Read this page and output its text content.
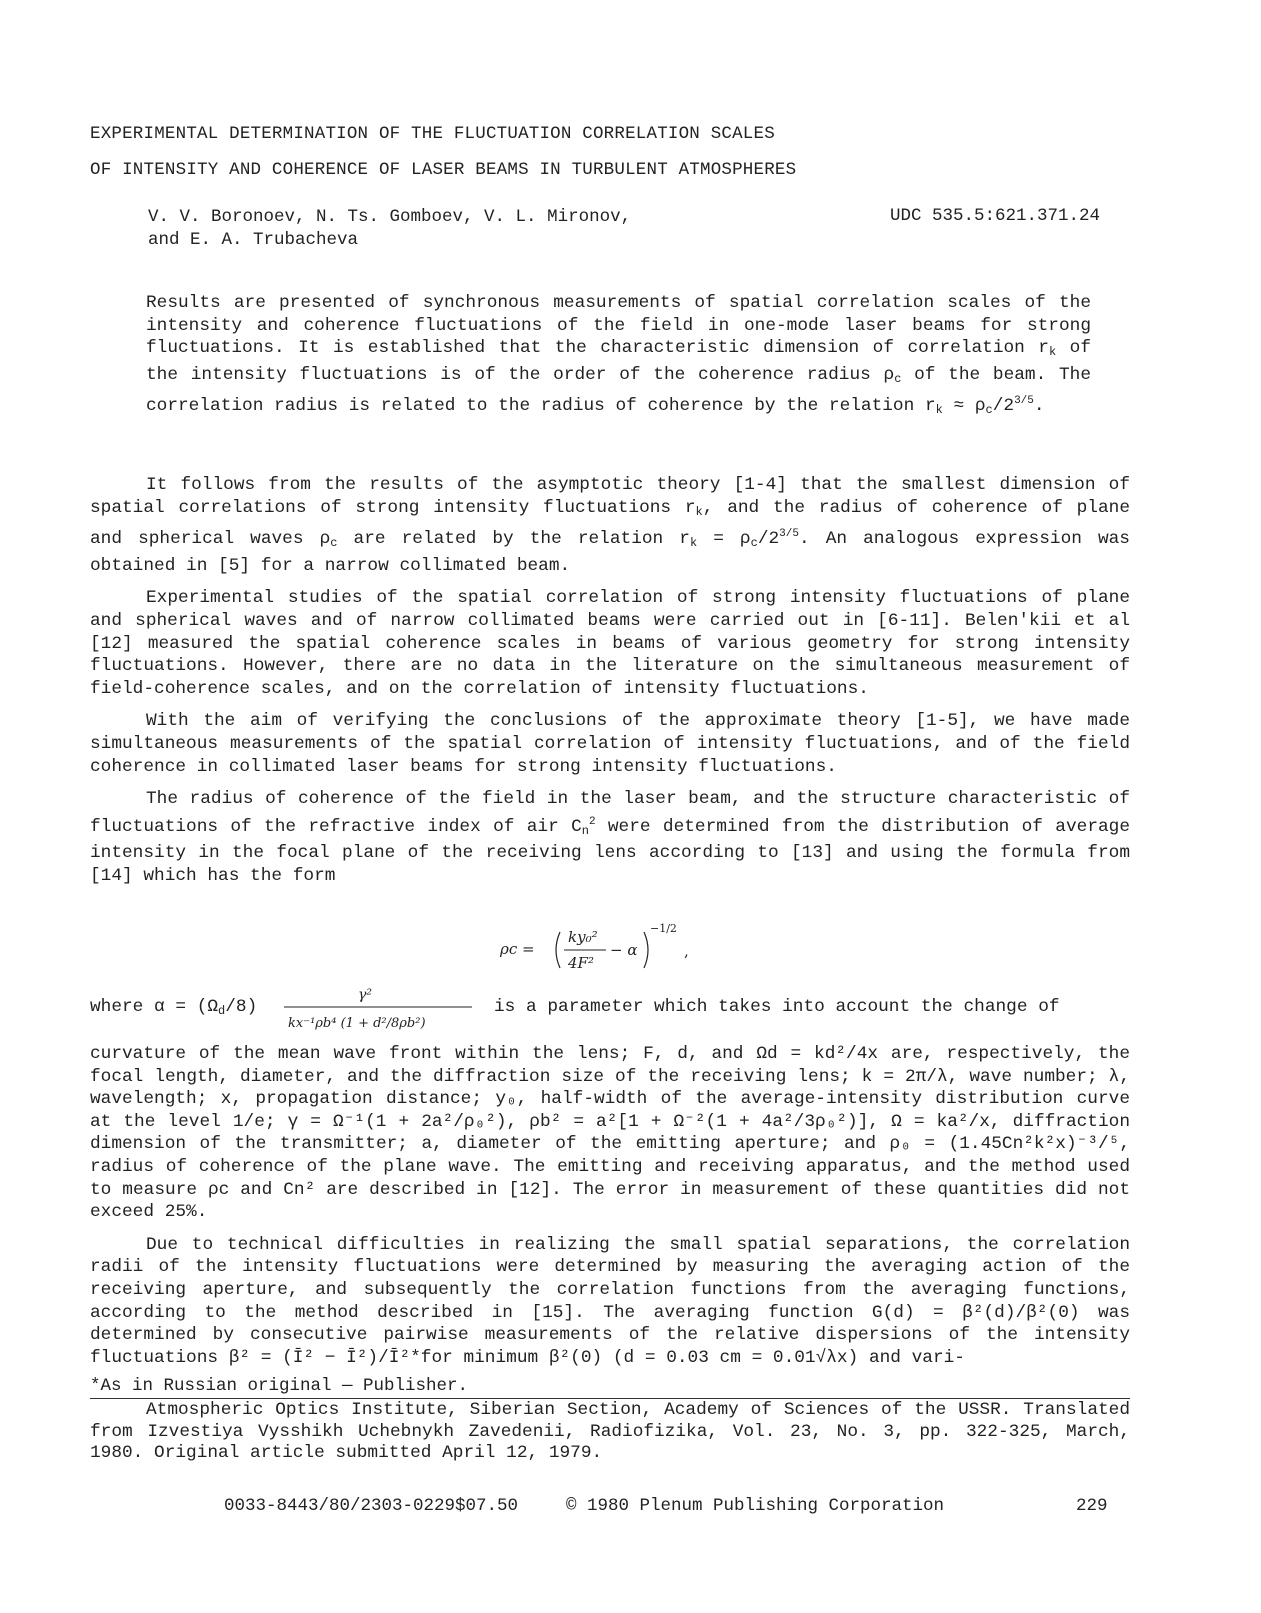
EXPERIMENTAL DETERMINATION OF THE FLUCTUATION CORRELATION SCALES
OF INTENSITY AND COHERENCE OF LASER BEAMS IN TURBULENT ATMOSPHERES
V. V. Boronoev, N. Ts. Gomboev, V. L. Mironov,
and E. A. Trubacheva
UDC 535.5:621.371.24
Results are presented of synchronous measurements of spatial correlation scales of the intensity and coherence fluctuations of the field in one-mode laser beams for strong fluctuations. It is established that the characteristic dimension of correlation $r_k$ of the intensity fluctuations is of the order of the coherence radius $\rho_c$ of the beam. The correlation radius is related to the radius of coherence by the relation $r_k \approx \rho_c/2^{3/5}$.

It follows from the results of the asymptotic theory [1-4] that the smallest dimension of spatial correlations of strong intensity fluctuations $r_k$, and the radius of coherence of plane and spherical waves $\rho_c$ are related by the relation $r_k = \rho_c/2^{3/5}$. An analogous expression was obtained in [5] for a narrow collimated beam.

Experimental studies of the spatial correlation of strong intensity fluctuations of plane and spherical waves and of narrow collimated beams were carried out in [6-11]. Belen'kii et al [12] measured the spatial coherence scales in beams of various geometry for strong intensity fluctuations. However, there are no data in the literature on the simultaneous measurement of field-coherence scales, and on the correlation of intensity fluctuations.

With the aim of verifying the conclusions of the approximate theory [1-5], we have made simultaneous measurements of the spatial correlation of intensity fluctuations, and of the field coherence in collimated laser beams for strong intensity fluctuations.

The radius of coherence of the field in the laser beam, and the structure characteristic of fluctuations of the refractive index of air $C_n^2$ were determined from the distribution of average intensity in the focal plane of the receiving lens according to [13] and using the formula from [14] which has the form

ρc =
ky₀²
4F²
− α
−1/2
,
where $\alpha = (\Omega_d/8)$
γ²
kx⁻¹ρb⁴ (1 + d²/8ρb²)
is a parameter which takes into account the change of

curvature of the mean wave front within the lens; F, d, and Ωd = kd²/4x are, respectively, the focal length, diameter, and the diffraction size of the receiving lens; k = 2π/λ, wave number; λ, wavelength; x, propagation distance; y₀, half-width of the average-intensity distribution curve at the level 1/e; γ = Ω⁻¹(1 + 2a²/ρ₀²), ρb² = a²[1 + Ω⁻²(1 + 4a²/3ρ₀²)], Ω = ka²/x, diffraction dimension of the transmitter; a, diameter of the emitting aperture; and ρ₀ = (1.45Cn²k²x)⁻³/⁵, radius of coherence of the plane wave. The emitting and receiving apparatus, and the method used to measure ρc and Cn² are described in [12]. The error in measurement of these quantities did not exceed 25%.

Due to technical difficulties in realizing the small spatial separations, the correlation radii of the intensity fluctuations were determined by measuring the averaging action of the receiving aperture, and subsequently the correlation functions from the averaging functions, according to the method described in [15]. The averaging function G(d) = β²(d)/β²(0) was determined by consecutive pairwise measurements of the relative dispersions of the intensity fluctuations β² = (Ī² − Ī²)/Ī²*for minimum β²(0) (d = 0.03 cm = 0.01√λx) and vari-

*As in Russian original — Publisher.

Atmospheric Optics Institute, Siberian Section, Academy of Sciences of the USSR. Translated from Izvestiya Vysshikh Uchebnykh Zavedenii, Radiofizika, Vol. 23, No. 3, pp. 322-325, March, 1980. Original article submitted April 12, 1979.

0033-8443/80/2303-0229$07.50	© 1980 Plenum Publishing Corporation	229
